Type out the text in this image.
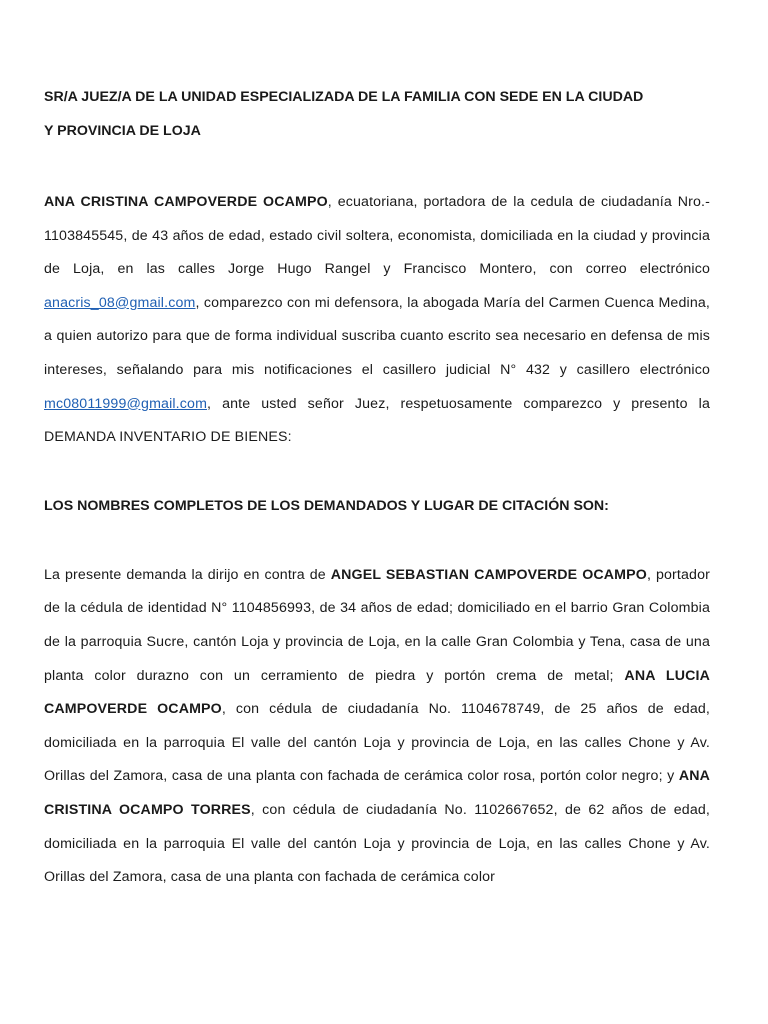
SR/A JUEZ/A DE LA UNIDAD ESPECIALIZADA DE LA FAMILIA CON SEDE EN LA CIUDAD
Y PROVINCIA DE LOJA

ANA CRISTINA CAMPOVERDE OCAMPO, ecuatoriana, portadora de la cedula de ciudadanía Nro.- 1103845545, de 43 años de edad, estado civil soltera, economista, domiciliada en la ciudad y provincia de Loja, en las calles Jorge Hugo Rangel y Francisco Montero, con correo electrónico anacris_08@gmail.com, comparezco con mi defensora, la abogada María del Carmen Cuenca Medina, a quien autorizo para que de forma individual suscriba cuanto escrito sea necesario en defensa de mis intereses, señalando para mis notificaciones el casillero judicial N° 432 y casillero electrónico mc08011999@gmail.com, ante usted señor Juez, respetuosamente comparezco y presento la DEMANDA INVENTARIO DE BIENES:

LOS NOMBRES COMPLETOS DE LOS DEMANDADOS Y LUGAR DE CITACIÓN SON:

La presente demanda la dirijo en contra de ANGEL SEBASTIAN CAMPOVERDE OCAMPO, portador de la cédula de identidad N° 1104856993, de 34 años de edad; domiciliado en el barrio Gran Colombia de la parroquia Sucre, cantón Loja y provincia de Loja, en la calle Gran Colombia y Tena, casa de una planta color durazno con un cerramiento de piedra y portón crema de metal; ANA LUCIA CAMPOVERDE OCAMPO, con cédula de ciudadanía No. 1104678749, de 25 años de edad, domiciliada en la parroquia El valle del cantón Loja y provincia de Loja, en las calles Chone y Av. Orillas del Zamora, casa de una planta con fachada de cerámica color rosa, portón color negro; y ANA CRISTINA OCAMPO TORRES, con cédula de ciudadanía No. 1102667652, de 62 años de edad, domiciliada en la parroquia El valle del cantón Loja y provincia de Loja, en las calles Chone y Av. Orillas del Zamora, casa de una planta con fachada de cerámica color
